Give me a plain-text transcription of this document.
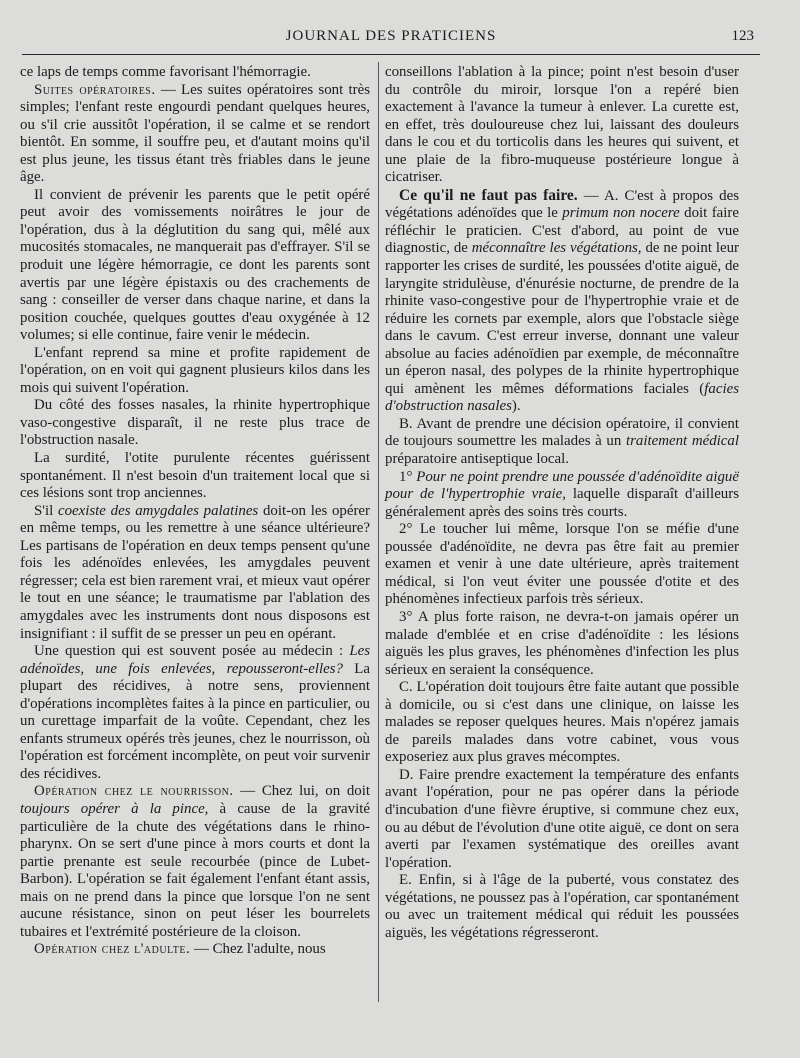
JOURNAL DES PRATICIENS	123

ce laps de temps comme favorisant l'hémorragie.

Suites opératoires. — Les suites opératoires sont très simples; l'enfant reste engourdi pendant quelques heures, ou s'il crie aussitôt l'opération, il se calme et se rendort bientôt. En somme, il souffre peu, et d'autant moins qu'il est plus jeune, les tissus étant très friables dans le jeune âge.

Il convient de prévenir les parents que le petit opéré peut avoir des vomissements noirâtres le jour de l'opération, dus à la déglutition du sang qui, mêlé aux mucosités stomacales, ne manquerait pas d'effrayer. S'il se produit une légère hémorragie, ce dont les parents sont avertis par une légère épistaxis ou des crachements de sang : conseiller de verser dans chaque narine, et dans la position couchée, quelques gouttes d'eau oxygénée à 12 volumes; si elle continue, faire venir le médecin.

L'enfant reprend sa mine et profite rapidement de l'opération, on en voit qui gagnent plusieurs kilos dans les mois qui suivent l'opération.

Du côté des fosses nasales, la rhinite hypertrophique vaso-congestive disparaît, il ne reste plus trace de l'obstruction nasale.

La surdité, l'otite purulente récentes guérissent spontanément. Il n'est besoin d'un traitement local que si ces lésions sont trop anciennes.

S'il coexiste des amygdales palatines doit-on les opérer en même temps, ou les remettre à une séance ultérieure? Les partisans de l'opération en deux temps pensent qu'une fois les adénoïdes enlevées, les amygdales peuvent régresser; cela est bien rarement vrai, et mieux vaut opérer le tout en une séance; le traumatisme par l'ablation des amygdales avec les instruments dont nous disposons est insignifiant : il suffit de se presser un peu en opérant.

Une question qui est souvent posée au médecin : Les adénoïdes, une fois enlevées, repousseront-elles? La plupart des récidives, à notre sens, proviennent d'opérations incomplètes faites à la pince en particulier, ou un curettage imparfait de la voûte. Cependant, chez les enfants strumeux opérés très jeunes, chez le nourrisson, où l'opération est forcément incomplète, on peut voir survenir des récidives.

Opération chez le nourrisson. — Chez lui, on doit toujours opérer à la pince, à cause de la gravité particulière de la chute des végétations dans le rhino-pharynx. On se sert d'une pince à mors courts et dont la partie prenante est seule recourbée (pince de Lubet-Barbon). L'opération se fait également l'enfant étant assis, mais on ne prend dans la pince que lorsque l'on ne sent aucune résistance, sinon on peut léser les bourrelets tubaires et l'extrémité postérieure de la cloison.

Opération chez l'adulte. — Chez l'adulte, nous

conseillons l'ablation à la pince; point n'est besoin d'user du contrôle du miroir, lorsque l'on a repéré bien exactement à l'avance la tumeur à enlever. La curette est, en effet, très douloureuse chez lui, laissant des douleurs dans le cou et du torticolis dans les heures qui suivent, et une plaie de la fibro-muqueuse postérieure longue à cicatriser.

Ce qu'il ne faut pas faire. — A. C'est à propos des végétations adénoïdes que le primum non nocere doit faire réfléchir le praticien. C'est d'abord, au point de vue diagnostic, de méconnaître les végétations, de ne point leur rapporter les crises de surdité, les poussées d'otite aiguë, de laryngite stridulèuse, d'énurésie nocturne, de prendre de la rhinite vaso-congestive pour de l'hypertrophie vraie et de réduire les cornets par exemple, alors que l'obstacle siège dans le cavum. C'est erreur inverse, donnant une valeur absolue au facies adénoïdien par exemple, de méconnaître un éperon nasal, des polypes de la rhinite hypertrophique qui amènent les mêmes déformations faciales (facies d'obstruction nasales).

B. Avant de prendre une décision opératoire, il convient de toujours soumettre les malades à un traitement médical préparatoire antiseptique local.

1° Pour ne point prendre une poussée d'adénoïdite aiguë pour de l'hypertrophie vraie, laquelle disparaît d'ailleurs généralement après des soins très courts.

2° Le toucher lui même, lorsque l'on se méfie d'une poussée d'adénoïdite, ne devra pas être fait au premier examen et venir à une date ultérieure, après traitement médical, si l'on veut éviter une poussée d'otite et des phénomènes infectieux parfois très sérieux.

3° A plus forte raison, ne devra-t-on jamais opérer un malade d'emblée et en crise d'adénoïdite : les lésions aiguës les plus graves, les phénomènes d'infection les plus sérieux en seraient la conséquence.

C. L'opération doit toujours être faite autant que possible à domicile, ou si c'est dans une clinique, on laisse les malades se reposer quelques heures. Mais n'opérez jamais de pareils malades dans votre cabinet, vous vous exposeriez aux plus graves mécomptes.

D. Faire prendre exactement la température des enfants avant l'opération, pour ne pas opérer dans la période d'incubation d'une fièvre éruptive, si commune chez eux, ou au début de l'évolution d'une otite aiguë, ce dont on sera averti par l'examen systématique des oreilles avant l'opération.

E. Enfin, si à l'âge de la puberté, vous constatez des végétations, ne poussez pas à l'opération, car spontanément ou avec un traitement médical qui réduit les poussées aiguës, les végétations régresseront.
